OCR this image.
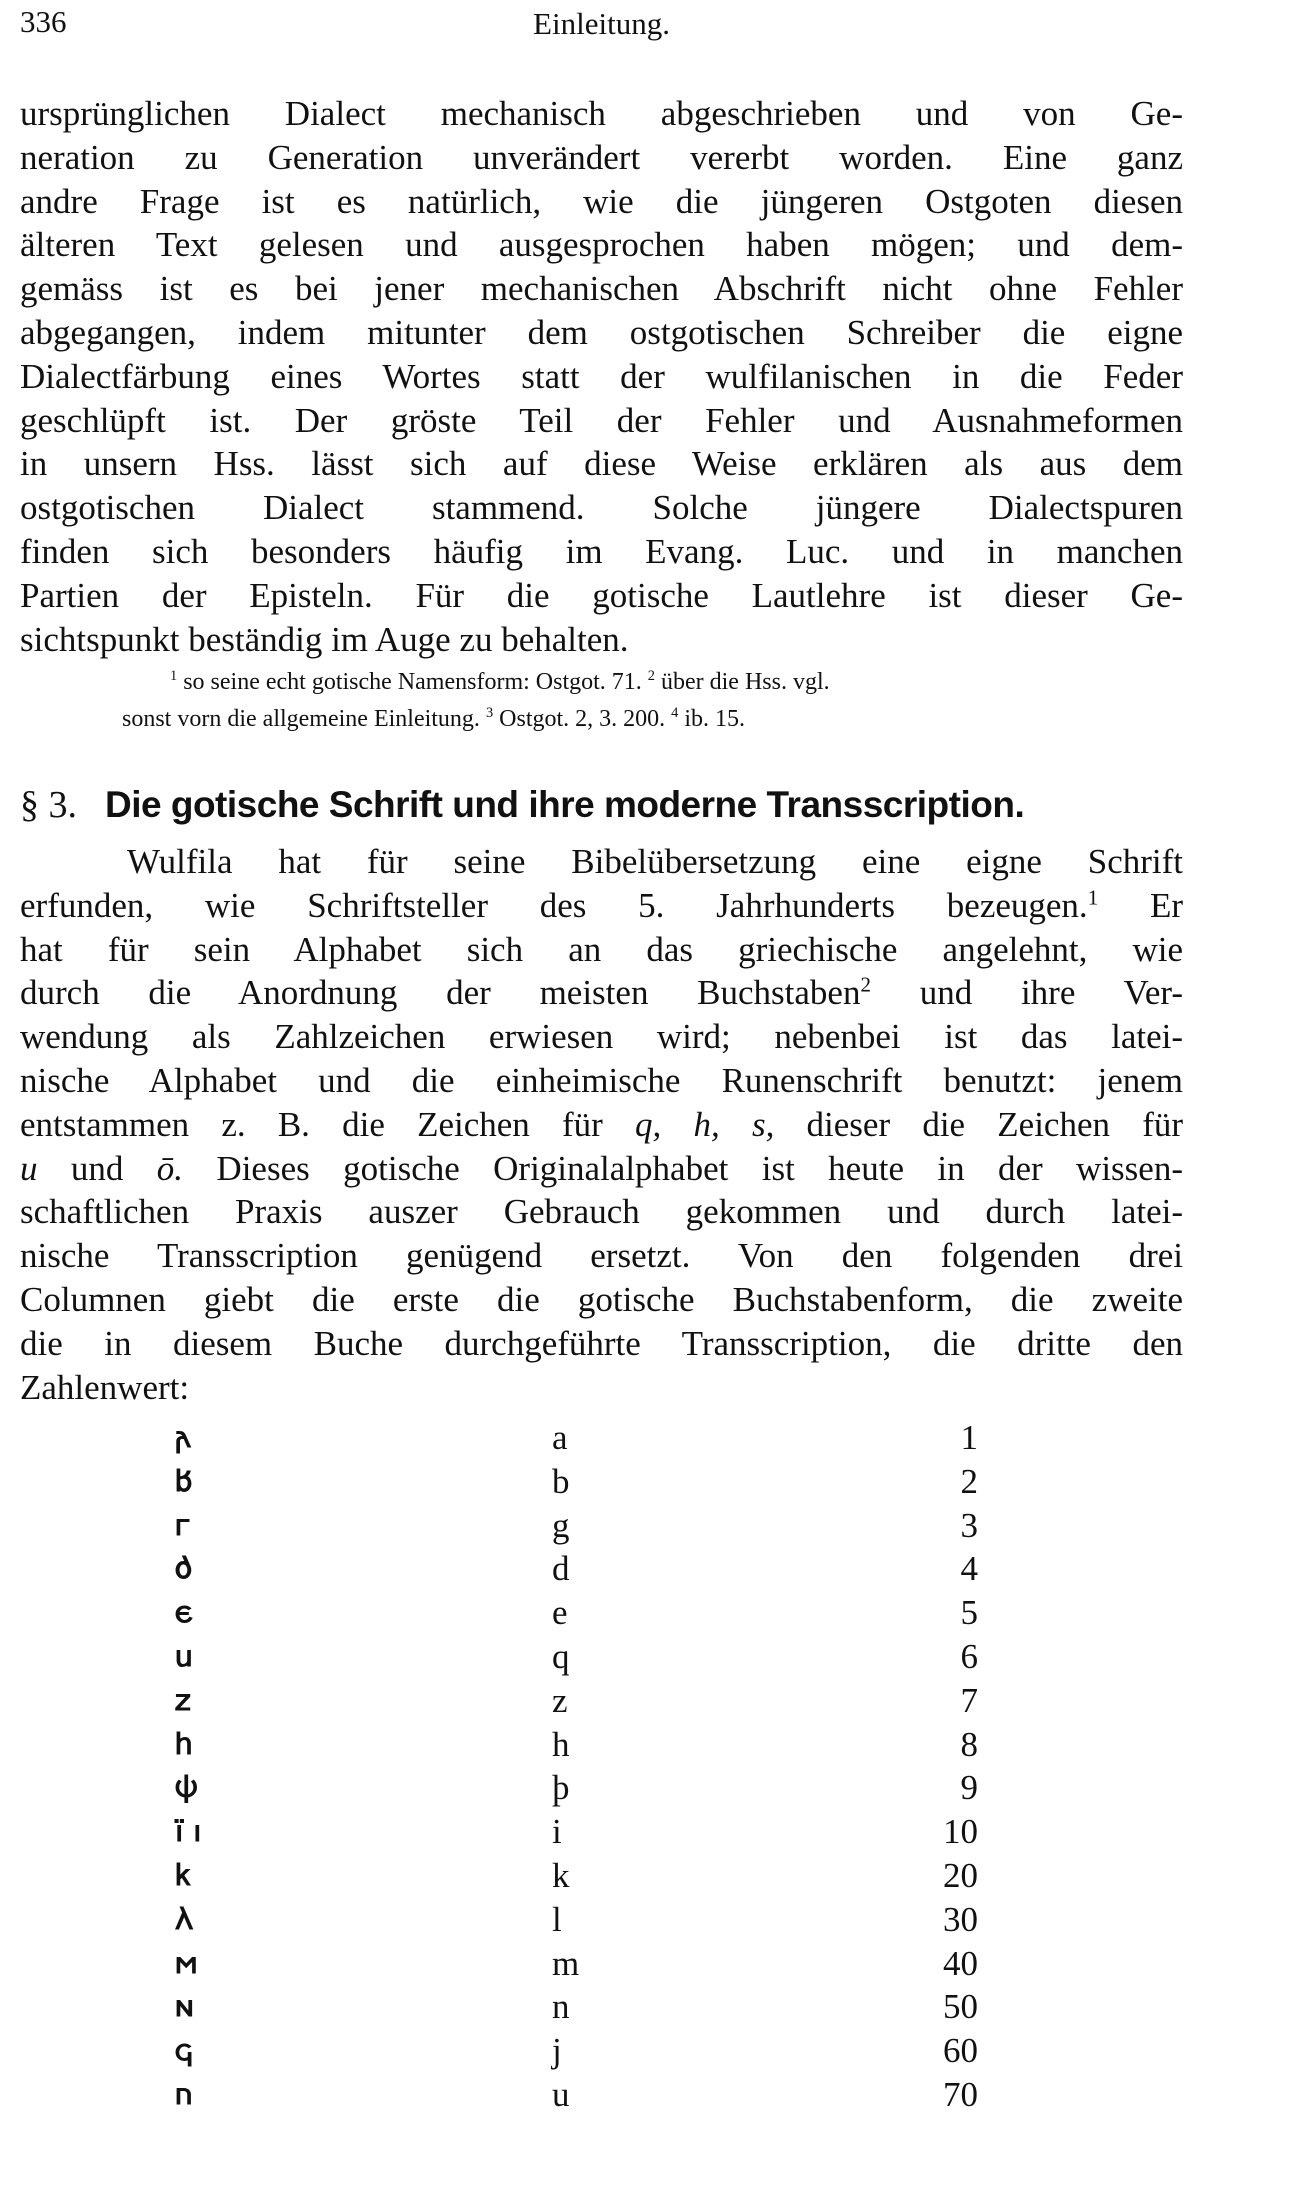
336	Einleitung.
ursprünglichen Dialect mechanisch abgeschrieben und von Ge-
neration zu Generation unverändert vererbt worden. Eine ganz
andre Frage ist es natürlich, wie die jüngeren Ostgoten diesen
älteren Text gelesen und ausgesprochen haben mögen; und dem-
gemäss ist es bei jener mechanischen Abschrift nicht ohne Fehler
abgegangen, indem mitunter dem ostgotischen Schreiber die eigne
Dialectfärbung eines Wortes statt der wulfilanischen in die Feder
geschlüpft ist. Der gröste Teil der Fehler und Ausnahmeformen
in unsern Hss. lässt sich auf diese Weise erklären als aus dem
ostgotischen Dialect stammend. Solche jüngere Dialectspuren
finden sich besonders häufig im Evang. Luc. und in manchen
Partien der Episteln. Für die gotische Lautlehre ist dieser Ge-
sichtspunkt beständig im Auge zu behalten.
$^1$ so seine echt gotische Namensform: Ostgot. 71. $^2$ über die Hss. vgl.
sonst vorn die allgemeine Einleitung. $^3$ Ostgot. 2, 3. 200. $^4$ ib. 15.
§ 3. Die gotische Schrift und ihre moderne Transscription.
Wulfila hat für seine Bibelübersetzung eine eigne Schrift
erfunden, wie Schriftsteller des 5. Jahrhunderts bezeugen.$^1$ Er
hat für sein Alphabet sich an das griechische angelehnt, wie
durch die Anordnung der meisten Buchstaben$^2$ und ihre Ver-
wendung als Zahlzeichen erwiesen wird; nebenbei ist das latei-
nische Alphabet und die einheimische Runenschrift benutzt: jenem
entstammen z. B. die Zeichen für q, h, s, dieser die Zeichen für
u und ō. Dieses gotische Originalalphabet ist heute in der wissen-
schaftlichen Praxis auszer Gebrauch gekommen und durch latei-
nische Transscription genügend ersetzt. Von den folgenden drei
Columnen giebt die erste die gotische Buchstabenform, die zweite
die in diesem Buche durchgeführte Transscription, die dritte den
Zahlenwert:
𐌰	a	1
𐌱	b	2
𐌲	g	3
𐌳	d	4
𐌴	e	5
𐌵	q	6
𐌶	z	7
𐌷	h	8
𐌸	þ	9
𐌹̈ 𐌹	i	10
𐌺	k	20
𐌻	l	30
𐌼	m	40
𐌽	n	50
𐌾	j	60
𐌿	u	70
